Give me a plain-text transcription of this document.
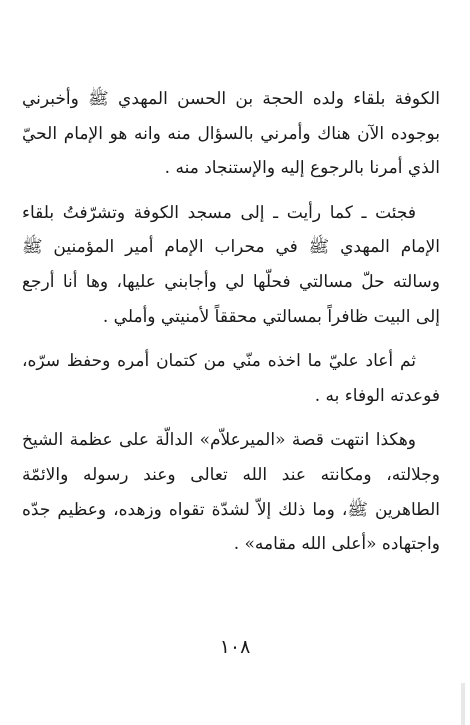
الكوفة بلقاء ولده الحجة بن الحسن المهدي ﷺ وأخبرني بوجوده الآن هناك وأمرني بالسؤال منه وانه هو الإمام الحيّ الذي أمرنا بالرجوع إليه والإستنجاد منه .

فجئت ـ كما رأيت ـ إلى مسجد الكوفة وتشرّفتُ بلقاء الإمام المهدي ﷺ في محراب الإمام أمير المؤمنين ﷺ وسالته حلّ مسالتي فحلّها لي وأجابني عليها، وها أنا أرجع إلى البيت ظافراً بمسالتي محققاً لأمنيتي وأملي .

ثم أعاد عليّ ما اخذه منّي من كتمان أمره وحفظ سرّه، فوعدته الوفاء به .

وهكذا انتهت قصة «الميرعلاّم» الدالّة على عظمة الشيخ وجلالته، ومكانته عند الله تعالى وعند رسوله والائمّة الطاهرين ﷺ، وما ذلك إلاّ لشدّة تقواه وزهده، وعظيم جدّه واجتهاده «أعلى الله مقامه» .

١٠٨
